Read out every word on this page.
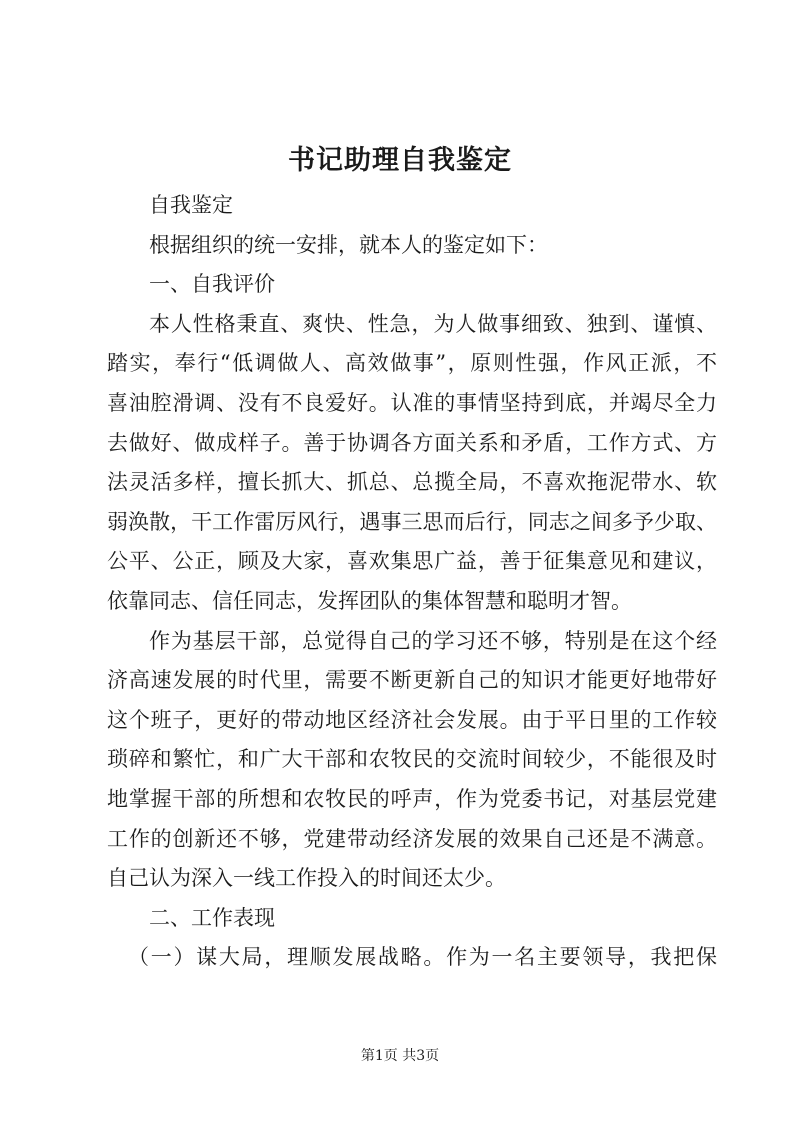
书记助理自我鉴定

自我鉴定

根据组织的统一安排，就本人的鉴定如下：

一、自我评价

本人性格秉直、爽快、性急，为人做事细致、独到、谨慎、
踏实，奉行“低调做人、高效做事”，原则性强，作风正派，不
喜油腔滑调、没有不良爱好。认准的事情坚持到底，并竭尽全力
去做好、做成样子。善于协调各方面关系和矛盾，工作方式、方
法灵活多样，擅长抓大、抓总、总揽全局，不喜欢拖泥带水、软
弱涣散，干工作雷厉风行，遇事三思而后行，同志之间多予少取、
公平、公正，顾及大家，喜欢集思广益，善于征集意见和建议，
依靠同志、信任同志，发挥团队的集体智慧和聪明才智。
作为基层干部，总觉得自己的学习还不够，特别是在这个经
济高速发展的时代里，需要不断更新自己的知识才能更好地带好
这个班子，更好的带动地区经济社会发展。由于平日里的工作较
琐碎和繁忙，和广大干部和农牧民的交流时间较少，不能很及时
地掌握干部的所想和农牧民的呼声，作为党委书记，对基层党建
工作的创新还不够，党建带动经济发展的效果自己还是不满意。
自己认为深入一线工作投入的时间还太少。

二、工作表现

（一）谋大局，理顺发展战略。作为一名主要领导，我把保
第1页 共3页
